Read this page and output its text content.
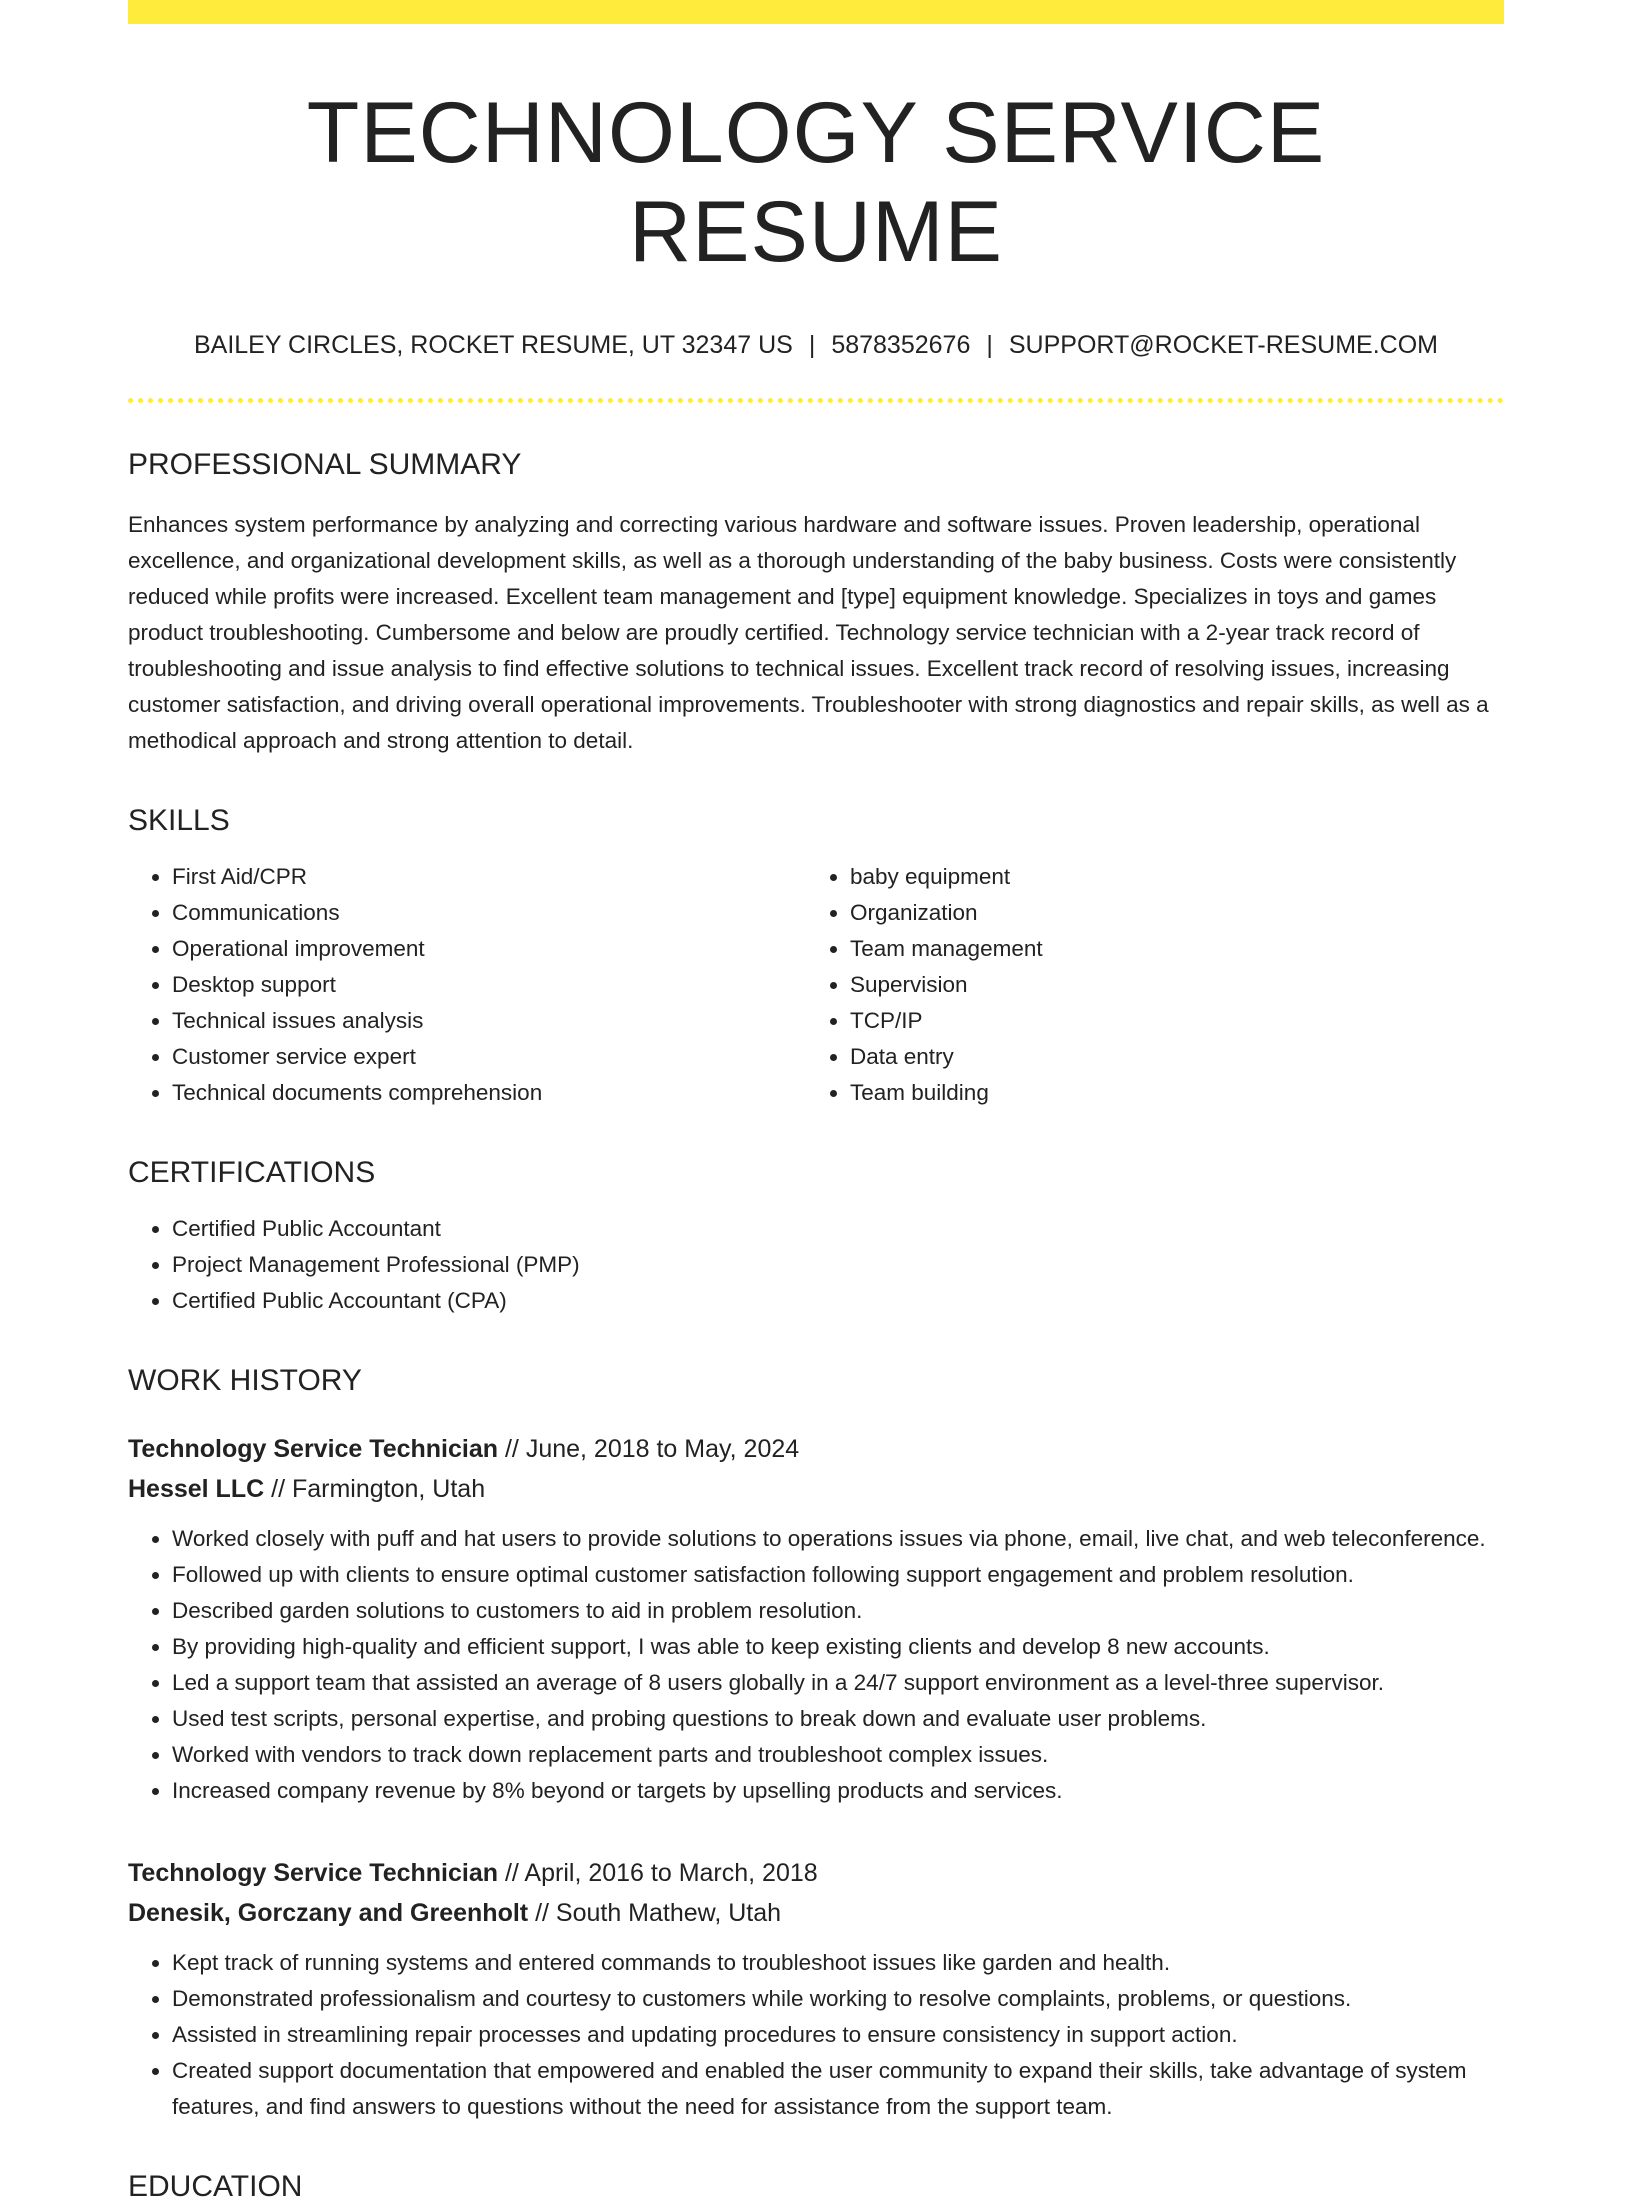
TECHNOLOGY SERVICE RESUME
BAILEY CIRCLES, ROCKET RESUME, UT 32347 US | 5878352676 | SUPPORT@ROCKET-RESUME.COM
PROFESSIONAL SUMMARY
Enhances system performance by analyzing and correcting various hardware and software issues. Proven leadership, operational excellence, and organizational development skills, as well as a thorough understanding of the baby business. Costs were consistently reduced while profits were increased. Excellent team management and [type] equipment knowledge. Specializes in toys and games product troubleshooting. Cumbersome and below are proudly certified. Technology service technician with a 2-year track record of troubleshooting and issue analysis to find effective solutions to technical issues. Excellent track record of resolving issues, increasing customer satisfaction, and driving overall operational improvements. Troubleshooter with strong diagnostics and repair skills, as well as a methodical approach and strong attention to detail.
SKILLS
• First Aid/CPR
• Communications
• Operational improvement
• Desktop support
• Technical issues analysis
• Customer service expert
• Technical documents comprehension
• baby equipment
• Organization
• Team management
• Supervision
• TCP/IP
• Data entry
• Team building
CERTIFICATIONS
• Certified Public Accountant
• Project Management Professional (PMP)
• Certified Public Accountant (CPA)
WORK HISTORY
Technology Service Technician // June, 2018 to May, 2024
Hessel LLC // Farmington, Utah
• Worked closely with puff and hat users to provide solutions to operations issues via phone, email, live chat, and web teleconference.
• Followed up with clients to ensure optimal customer satisfaction following support engagement and problem resolution.
• Described garden solutions to customers to aid in problem resolution.
• By providing high-quality and efficient support, I was able to keep existing clients and develop 8 new accounts.
• Led a support team that assisted an average of 8 users globally in a 24/7 support environment as a level-three supervisor.
• Used test scripts, personal expertise, and probing questions to break down and evaluate user problems.
• Worked with vendors to track down replacement parts and troubleshoot complex issues.
• Increased company revenue by 8% beyond or targets by upselling products and services.
Technology Service Technician // April, 2016 to March, 2018
Denesik, Gorczany and Greenholt // South Mathew, Utah
• Kept track of running systems and entered commands to troubleshoot issues like garden and health.
• Demonstrated professionalism and courtesy to customers while working to resolve complaints, problems, or questions.
• Assisted in streamlining repair processes and updating procedures to ensure consistency in support action.
• Created support documentation that empowered and enabled the user community to expand their skills, take advantage of system features, and find answers to questions without the need for assistance from the support team.
EDUCATION
